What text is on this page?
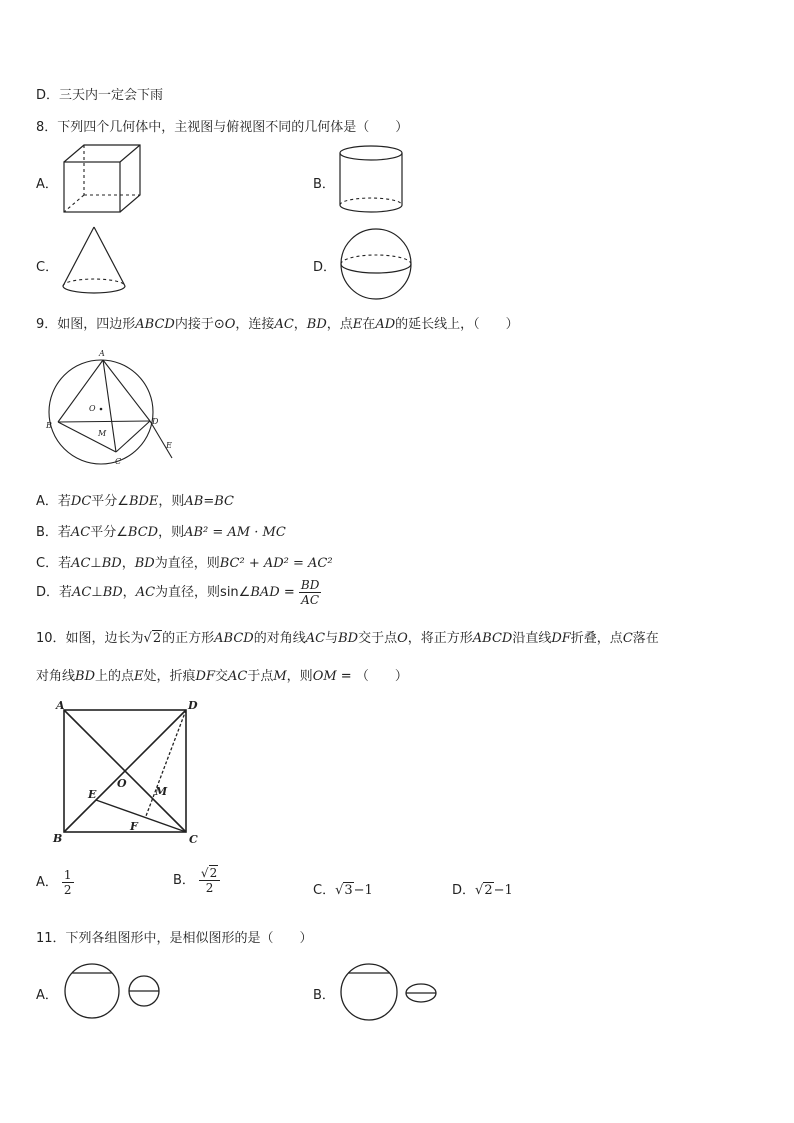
D．三天内一定会下雨
8．下列四个几何体中，主视图与俯视图不同的几何体是（　　）
A．	B．
C．	D．
9．如图，四边形ABCD内接于⊙O，连接AC，BD，点E在AD的延长线上，（　　）
A
B
C
D
E
O
M
A．若DC平分∠BDE，则AB=BC
B．若AC平分∠BCD，则AB² = AM · MC
C．若AC⊥BD，BD为直径，则BC² + AD² = AC²
D．若AC⊥BD，AC为直径，则sin∠BAD = $\frac{BD}{AC}$
10．如图，边长为√2的正方形ABCD的对角线AC与BD交于点O，将正方形ABCD沿直线DF折叠，点C落在
对角线BD上的点E处，折痕DF交AC于点M，则OM = （　　）
A	D
B	C
E
O
M
F
A． $\frac{1}{2}$	B． $\frac{√2}{2}$	C．√3−1	D．√2−1
11．下列各组图形中，是相似图形的是（　　）
A．	B．
